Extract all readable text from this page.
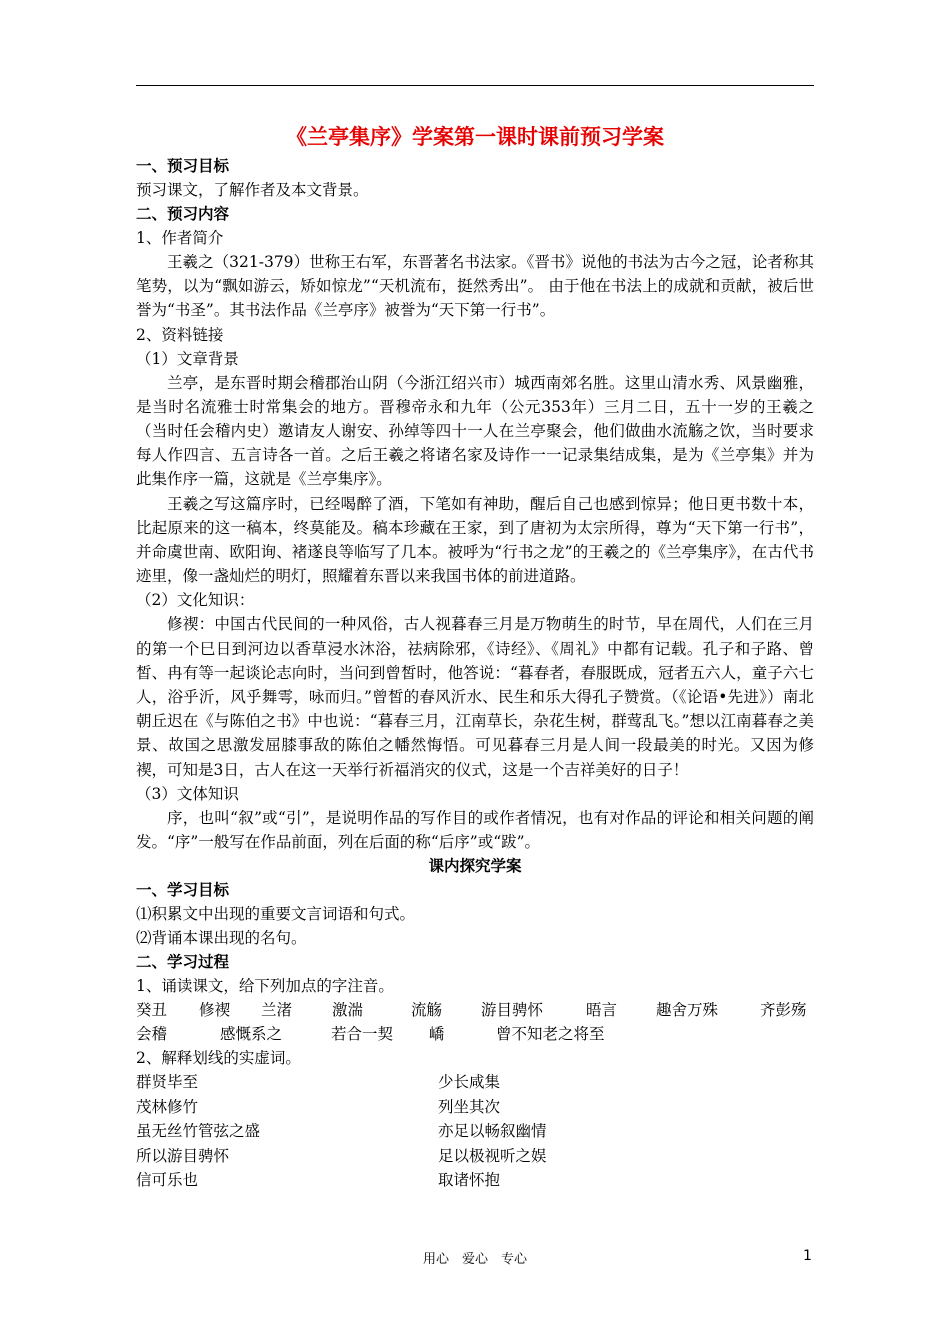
《兰亭集序》学案第一课时课前预习学案
一、预习目标
预习课文，了解作者及本文背景。
二、预习内容
1、作者简介
王羲之（321-379）世称王右军，东晋著名书法家。《晋书》说他的书法为古今之冠，论者称其笔势，以为“飘如游云，矫如惊龙”“天机流布，挺然秀出”。 由于他在书法上的成就和贡献，被后世誉为“书圣”。其书法作品《兰亭序》被誉为“天下第一行书”。
2、资料链接
（1）文章背景
兰亭，是东晋时期会稽郡治山阴（今浙江绍兴市）城西南郊名胜。这里山清水秀、风景幽雅，是当时名流雅士时常集会的地方。晋穆帝永和九年（公元353年）三月二日，五十一岁的王羲之（当时任会稽内史）邀请友人谢安、孙绰等四十一人在兰亭聚会，他们做曲水流觞之饮，当时要求每人作四言、五言诗各一首。之后王羲之将诸名家及诗作一一记录集结成集，是为《兰亭集》并为此集作序一篇，这就是《兰亭集序》。
王羲之写这篇序时，已经喝醉了酒，下笔如有神助，醒后自己也感到惊异；他日更书数十本，比起原来的这一稿本，终莫能及。稿本珍藏在王家，到了唐初为太宗所得，尊为“天下第一行书”，并命虞世南、欧阳询、褚遂良等临写了几本。被呼为“行书之龙”的王羲之的《兰亭集序》，在古代书迹里，像一盏灿烂的明灯，照耀着东晋以来我国书体的前进道路。
（2）文化知识：
修禊：中国古代民间的一种风俗，古人视暮春三月是万物萌生的时节，早在周代，人们在三月的第一个巳日到河边以香草浸水沐浴，祛病除邪，《诗经》、《周礼》中都有记载。孔子和子路、曾皙、冉有等一起谈论志向时，当问到曾皙时，他答说：“暮春者，春服既成，冠者五六人，童子六七人，浴乎沂，风乎舞雩，咏而归。”曾皙的春风沂水、民生和乐大得孔子赞赏。（《论语•先进》）南北朝丘迟在《与陈伯之书》中也说：“暮春三月，江南草长，杂花生树，群莺乱飞。”想以江南暮春之美景、故国之思激发屈膝事敌的陈伯之幡然悔悟。可见暮春三月是人间一段最美的时光。又因为修禊，可知是3日，古人在这一天举行祈福消灾的仪式，这是一个吉祥美好的日子！
（3）文体知识
序，也叫“叙”或“引”，是说明作品的写作目的或作者情况，也有对作品的评论和相关问题的阐发。“序”一般写在作品前面，列在后面的称“后序”或“跋”。
课内探究学案
一、学习目标
⑴积累文中出现的重要文言词语和句式。
⑵背诵本课出现的名句。
二、学习过程
1、诵读课文，给下列加点的字注音。
癸丑 修禊 兰渚	激湍	流觞	游目骋怀	晤言	趣舍万殊	齐彭殇
会稽	感慨系之	若合一契 嶠	曾不知老之将至
2、解释划线的实虚词。
群贤毕至	少长咸集
茂林修竹	列坐其次
虽无丝竹管弦之盛	亦足以畅叙幽情
所以游目骋怀	足以极视听之娱
信可乐也	取诸怀抱
用心　爱心　专心	1
